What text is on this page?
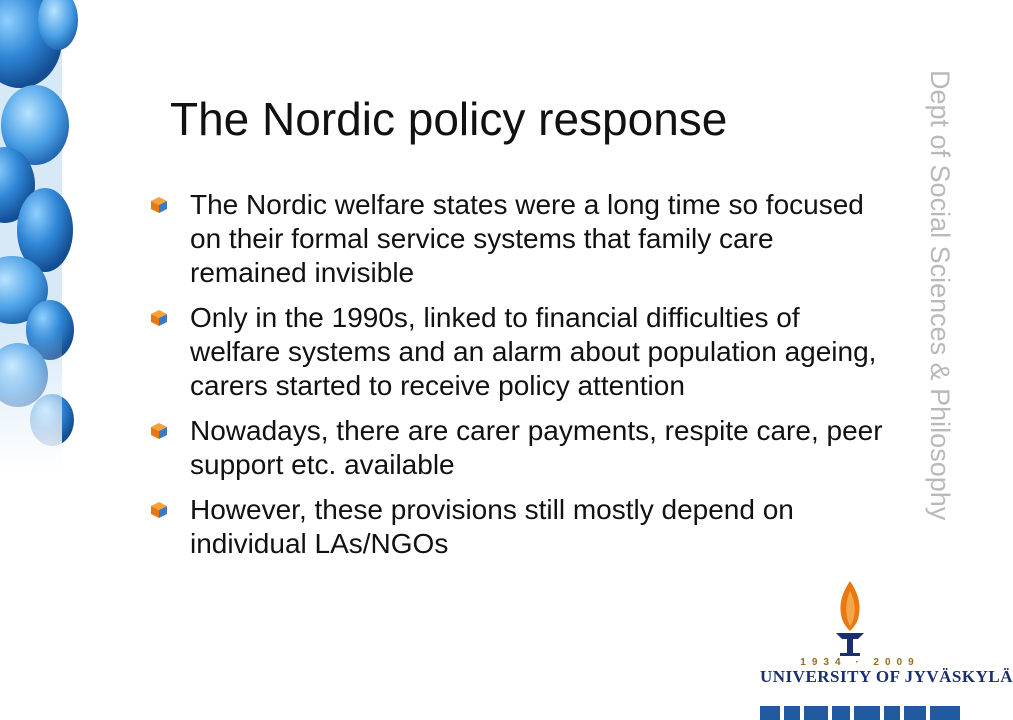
The Nordic policy response
The Nordic welfare states were a long time so focused on their formal service systems that family care remained invisible
Only in the 1990s, linked to financial difficulties of welfare systems and an alarm about population ageing, carers started to receive policy attention
Nowadays, there are carer payments, respite care, peer support etc. available
However, these provisions still mostly depend on individual LAs/NGOs
Dept of Social Sciences & Philosophy
1934 · 2009
UNIVERSITY OF JYVÄSKYLÄ
